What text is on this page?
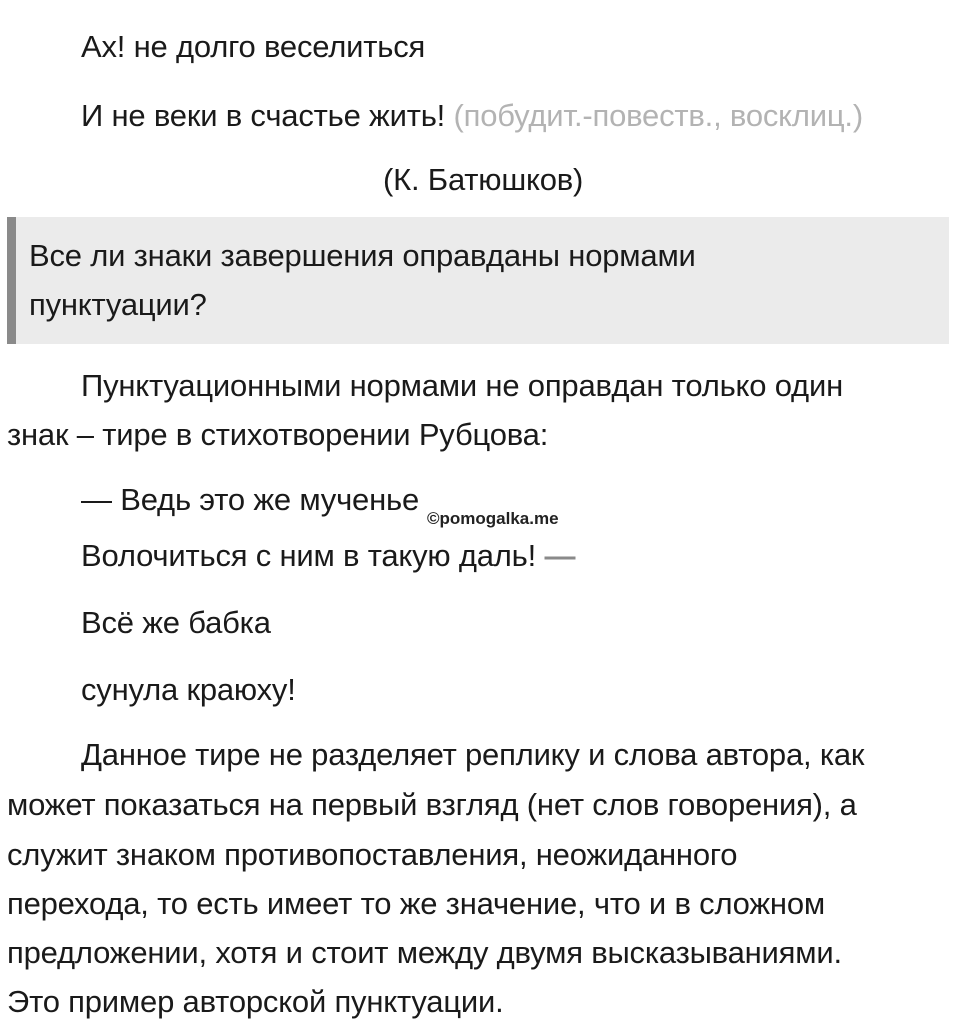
Ах! не долго веселиться
И не веки в счастье жить! (побудит.-повеств., восклиц.)
(К. Батюшков)
Все ли знаки завершения оправданы нормами
пунктуации?
Пунктуационными нормами не оправдан только один
знак – тире в стихотворении Рубцова:
— Ведь это же мученье
©pomogalka.me
Волочиться с ним в такую даль! —
Всё же бабка
сунула краюху!
Данное тире не разделяет реплику и слова автора, как
может показаться на первый взгляд (нет слов говорения), а
служит знаком противопоставления, неожиданного
перехода, то есть имеет то же значение, что и в сложном
предложении, хотя и стоит между двумя высказываниями.
Это пример авторской пунктуации.
